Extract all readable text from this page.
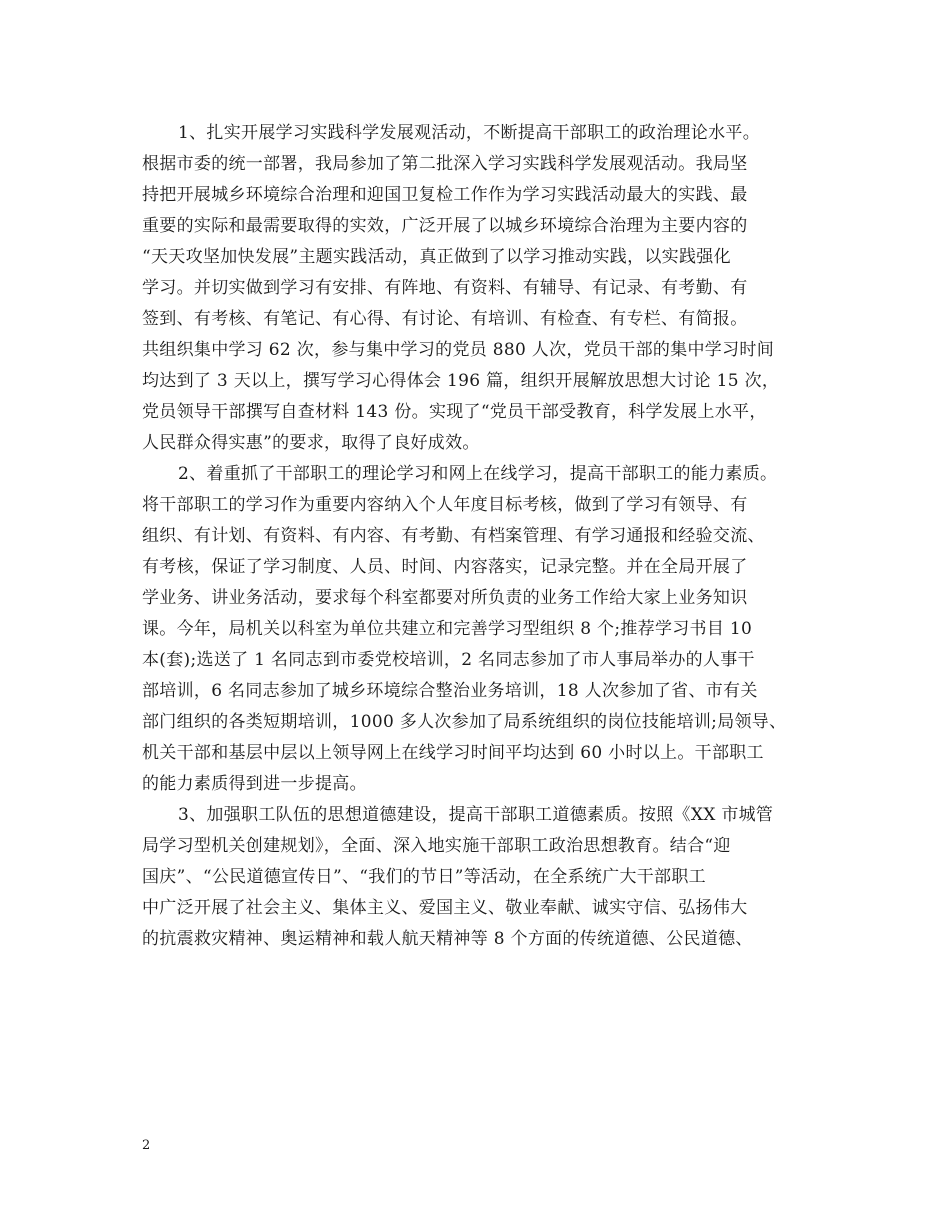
1、扎实开展学习实践科学发展观活动，不断提高干部职工的政治理论水平。
根据市委的统一部署，我局参加了第二批深入学习实践科学发展观活动。我局坚
持把开展城乡环境综合治理和迎国卫复检工作作为学习实践活动最大的实践、最
重要的实际和最需要取得的实效，广泛开展了以城乡环境综合治理为主要内容的
“天天攻坚加快发展”主题实践活动，真正做到了以学习推动实践，以实践强化
学习。并切实做到学习有安排、有阵地、有资料、有辅导、有记录、有考勤、有
签到、有考核、有笔记、有心得、有讨论、有培训、有检查、有专栏、有简报。
共组织集中学习 62 次，参与集中学习的党员 880 人次，党员干部的集中学习时间
均达到了 3 天以上，撰写学习心得体会 196 篇，组织开展解放思想大讨论 15 次，
党员领导干部撰写自查材料 143 份。实现了“党员干部受教育，科学发展上水平，
人民群众得实惠”的要求，取得了良好成效。
2、着重抓了干部职工的理论学习和网上在线学习，提高干部职工的能力素质。
将干部职工的学习作为重要内容纳入个人年度目标考核，做到了学习有领导、有
组织、有计划、有资料、有内容、有考勤、有档案管理、有学习通报和经验交流、
有考核，保证了学习制度、人员、时间、内容落实，记录完整。并在全局开展了
学业务、讲业务活动，要求每个科室都要对所负责的业务工作给大家上业务知识
课。今年，局机关以科室为单位共建立和完善学习型组织 8 个;推荐学习书目 10
本(套);选送了 1 名同志到市委党校培训，2 名同志参加了市人事局举办的人事干
部培训，6 名同志参加了城乡环境综合整治业务培训，18 人次参加了省、市有关
部门组织的各类短期培训，1000 多人次参加了局系统组织的岗位技能培训;局领导、
机关干部和基层中层以上领导网上在线学习时间平均达到 60 小时以上。干部职工
的能力素质得到进一步提高。
3、加强职工队伍的思想道德建设，提高干部职工道德素质。按照《XX 市城管
局学习型机关创建规划》，全面、深入地实施干部职工政治思想教育。结合“迎
国庆”、“公民道德宣传日”、“我们的节日”等活动，在全系统广大干部职工
中广泛开展了社会主义、集体主义、爱国主义、敬业奉献、诚实守信、弘扬伟大
的抗震救灾精神、奥运精神和载人航天精神等 8 个方面的传统道德、公民道德、
2
